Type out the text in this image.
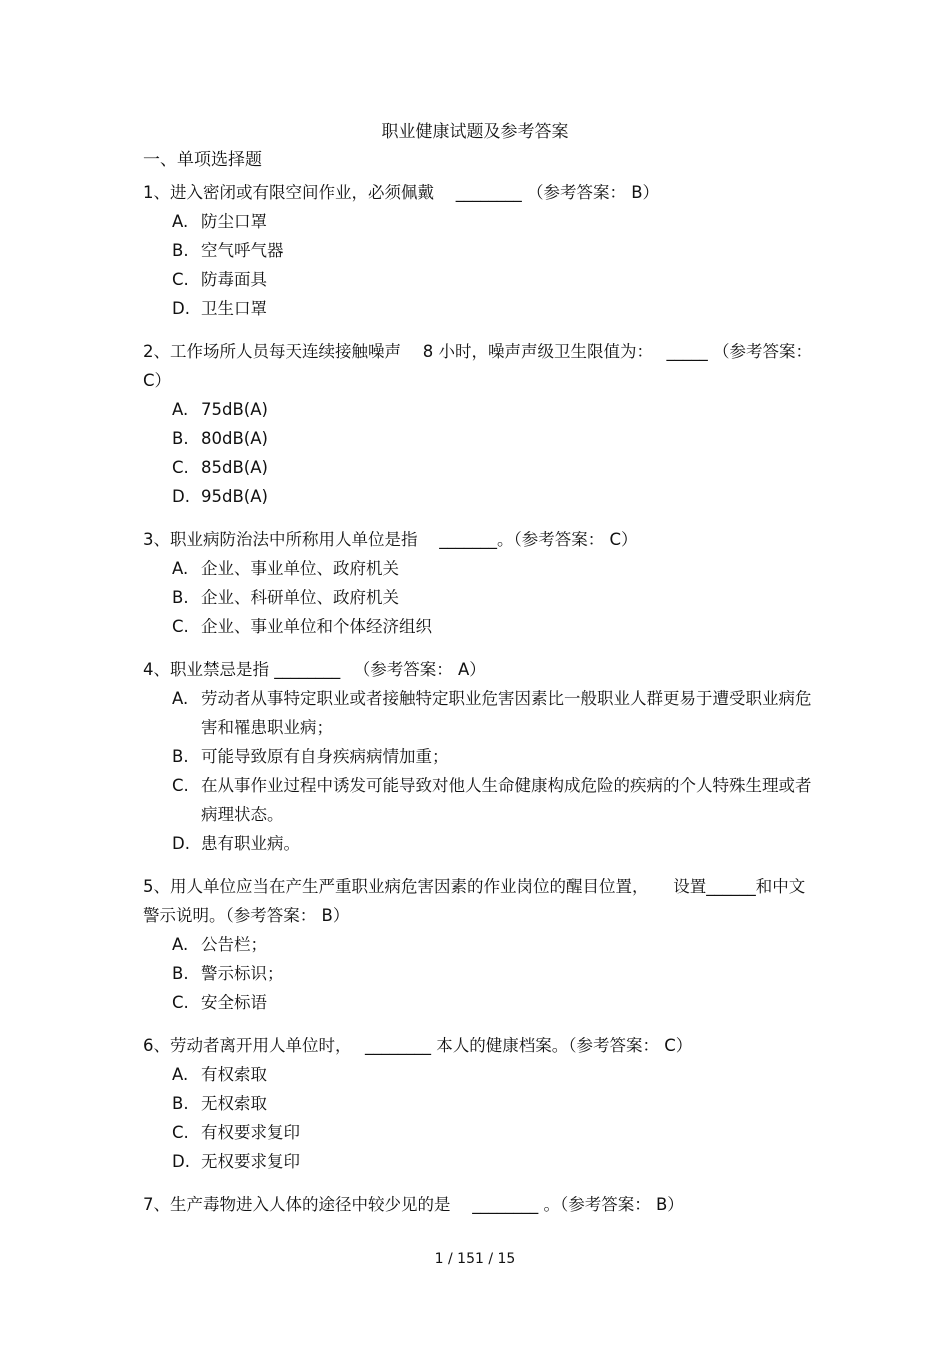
职业健康试题及参考答案
一、单项选择题
1、进入密闭或有限空间作业，必须佩戴　 ________ （参考答案： B）
A. 防尘口罩
B. 空气呼气器
C. 防毒面具
D. 卫生口罩
2、工作场所人员每天连续接触噪声　 8 小时，噪声声级卫生限值为：　 _____ （参考答案： C）
A. 75dB(A)
B. 80dB(A)
C. 85dB(A)
D. 95dB(A)
3、职业病防治法中所称用人单位是指　 _______。（参考答案： C）
A. 企业、事业单位、政府机关
B. 企业、科研单位、政府机关
C. 企业、事业单位和个体经济组织
4、职业禁忌是指 ________ 　（参考答案： A）
A. 劳动者从事特定职业或者接触特定职业危害因素比一般职业人群更易于遭受职业病危害和罹患职业病；
B. 可能导致原有自身疾病病情加重；
C. 在从事作业过程中诱发可能导致对他人生命健康构成危险的疾病的个人特殊生理或者病理状态。
D. 患有职业病。
5、用人单位应当在产生严重职业病危害因素的作业岗位的醒目位置，　　设置______和中文警示说明。（参考答案： B）
A. 公告栏；
B. 警示标识；
C. 安全标语
6、劳动者离开用人单位时，　 ________ 本人的健康档案。（参考答案： C）
A. 有权索取
B. 无权索取
C. 有权要求复印
D. 无权要求复印
7、生产毒物进入人体的途径中较少见的是　 ________ 。（参考答案： B）
1 / 151 / 15
